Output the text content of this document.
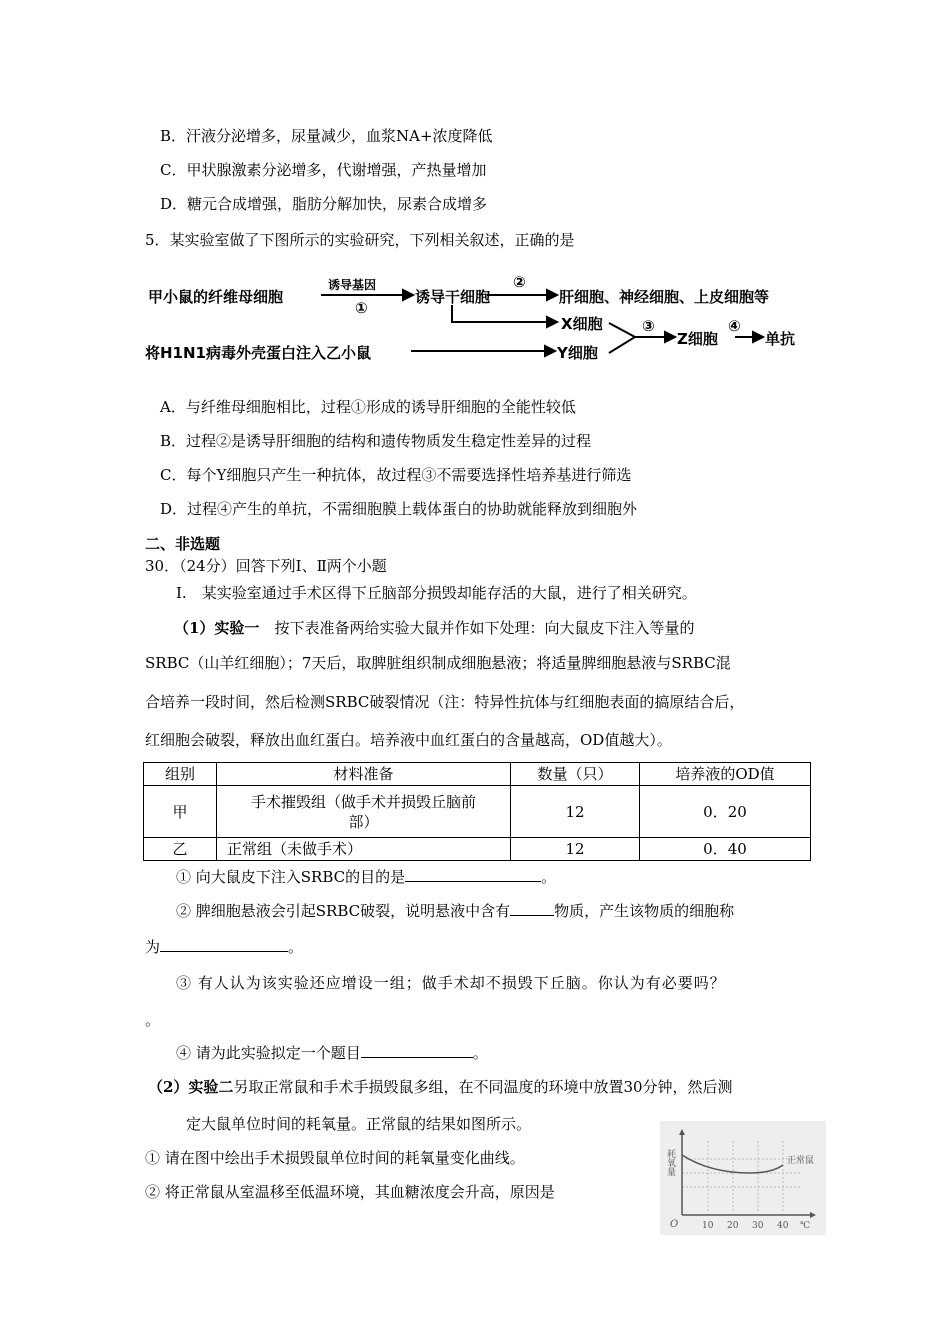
B．汗液分泌增多，尿量减少，血浆NA+浓度降低
C．甲状腺激素分泌增多，代谢增强，产热量增加
D．糖元合成增强，脂肪分解加快，尿素合成增多
5．某实验室做了下图所示的实验研究，下列相关叙述，正确的是
甲小鼠的纤维母细胞
诱导基因
①
诱导干细胞
②
肝细胞、神经细胞、上皮细胞等
X细胞
将H1N1病毒外壳蛋白注入乙小鼠	Y细胞
③
Z细胞
④
单抗
A．与纤维母细胞相比，过程①形成的诱导肝细胞的全能性较低
B．过程②是诱导肝细胞的结构和遗传物质发生稳定性差异的过程
C．每个Y细胞只产生一种抗体，故过程③不需要选择性培养基进行筛选
D．过程④产生的单抗，不需细胞膜上载体蛋白的协助就能释放到细胞外
二、非选题
30．（24分）回答下列I、Ⅱ两个小题
I.　某实验室通过手术区得下丘脑部分损毁却能存活的大鼠，进行了相关研究。
（1）实验一　 按下表准备两给实验大鼠并作如下处理：向大鼠皮下注入等量的
SRBC（山羊红细胞）；7天后，取脾脏组织制成细胞悬液；将适量脾细胞悬液与SRBC混
合培养一段时间，然后检测SRBC破裂情况（注：特异性抗体与红细胞表面的搞原结合后，
红细胞会破裂，释放出血红蛋白。培养液中血红蛋白的含量越高，OD值越大）。
组别	材料准备	数量（只）	培养液的OD值
甲	手术摧毁组（做手术并损毁丘脑前部）	12	0．20
乙	正常组（未做手术）	12	0．40
① 向大鼠皮下注入SRBC的目的是	。
② 脾细胞悬液会引起SRBC破裂，说明悬液中含有	物质，产生该物质的细胞称
为	。
③ 有人认为该实验还应增设一组；做手术却不损毁下丘脑。你认为有必要吗？
。
④ 请为此实验拟定一个题目	。
（2）实验二另取正常鼠和手术手损毁鼠多组，在不同温度的环境中放置30分钟，然后测
定大鼠单位时间的耗氧量。正常鼠的结果如图所示。
① 请在图中绘出手术损毁鼠单位时间的耗氧量变化曲线。
② 将正常鼠从室温移至低温环境，其血糖浓度会升高，原因是
耗氧量	正常鼠
O	10 20 30 40 ℃
